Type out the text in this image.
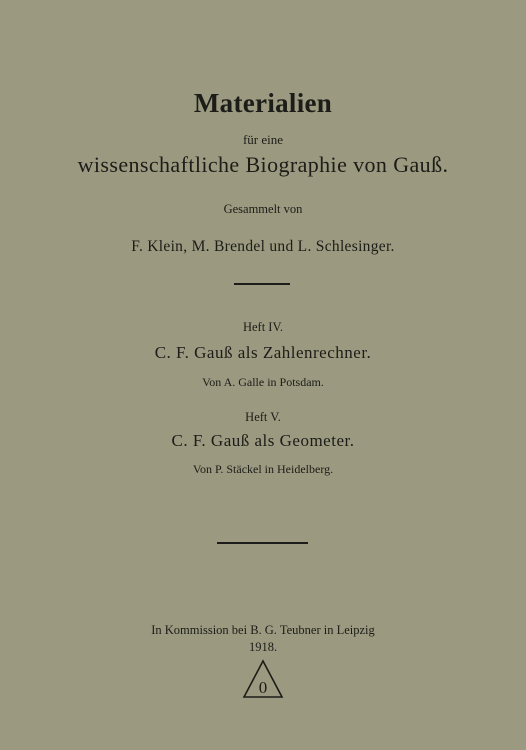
Materialien
für eine
wissenschaftliche Biographie von Gauß.
Gesammelt von
F. Klein, M. Brendel und L. Schlesinger.
Heft IV.
C. F. Gauß als Zahlenrechner.
Von A. Galle in Potsdam.
Heft V.
C. F. Gauß als Geometer.
Von P. Stäckel in Heidelberg.
In Kommission bei B. G. Teubner in Leipzig
1918.
0
